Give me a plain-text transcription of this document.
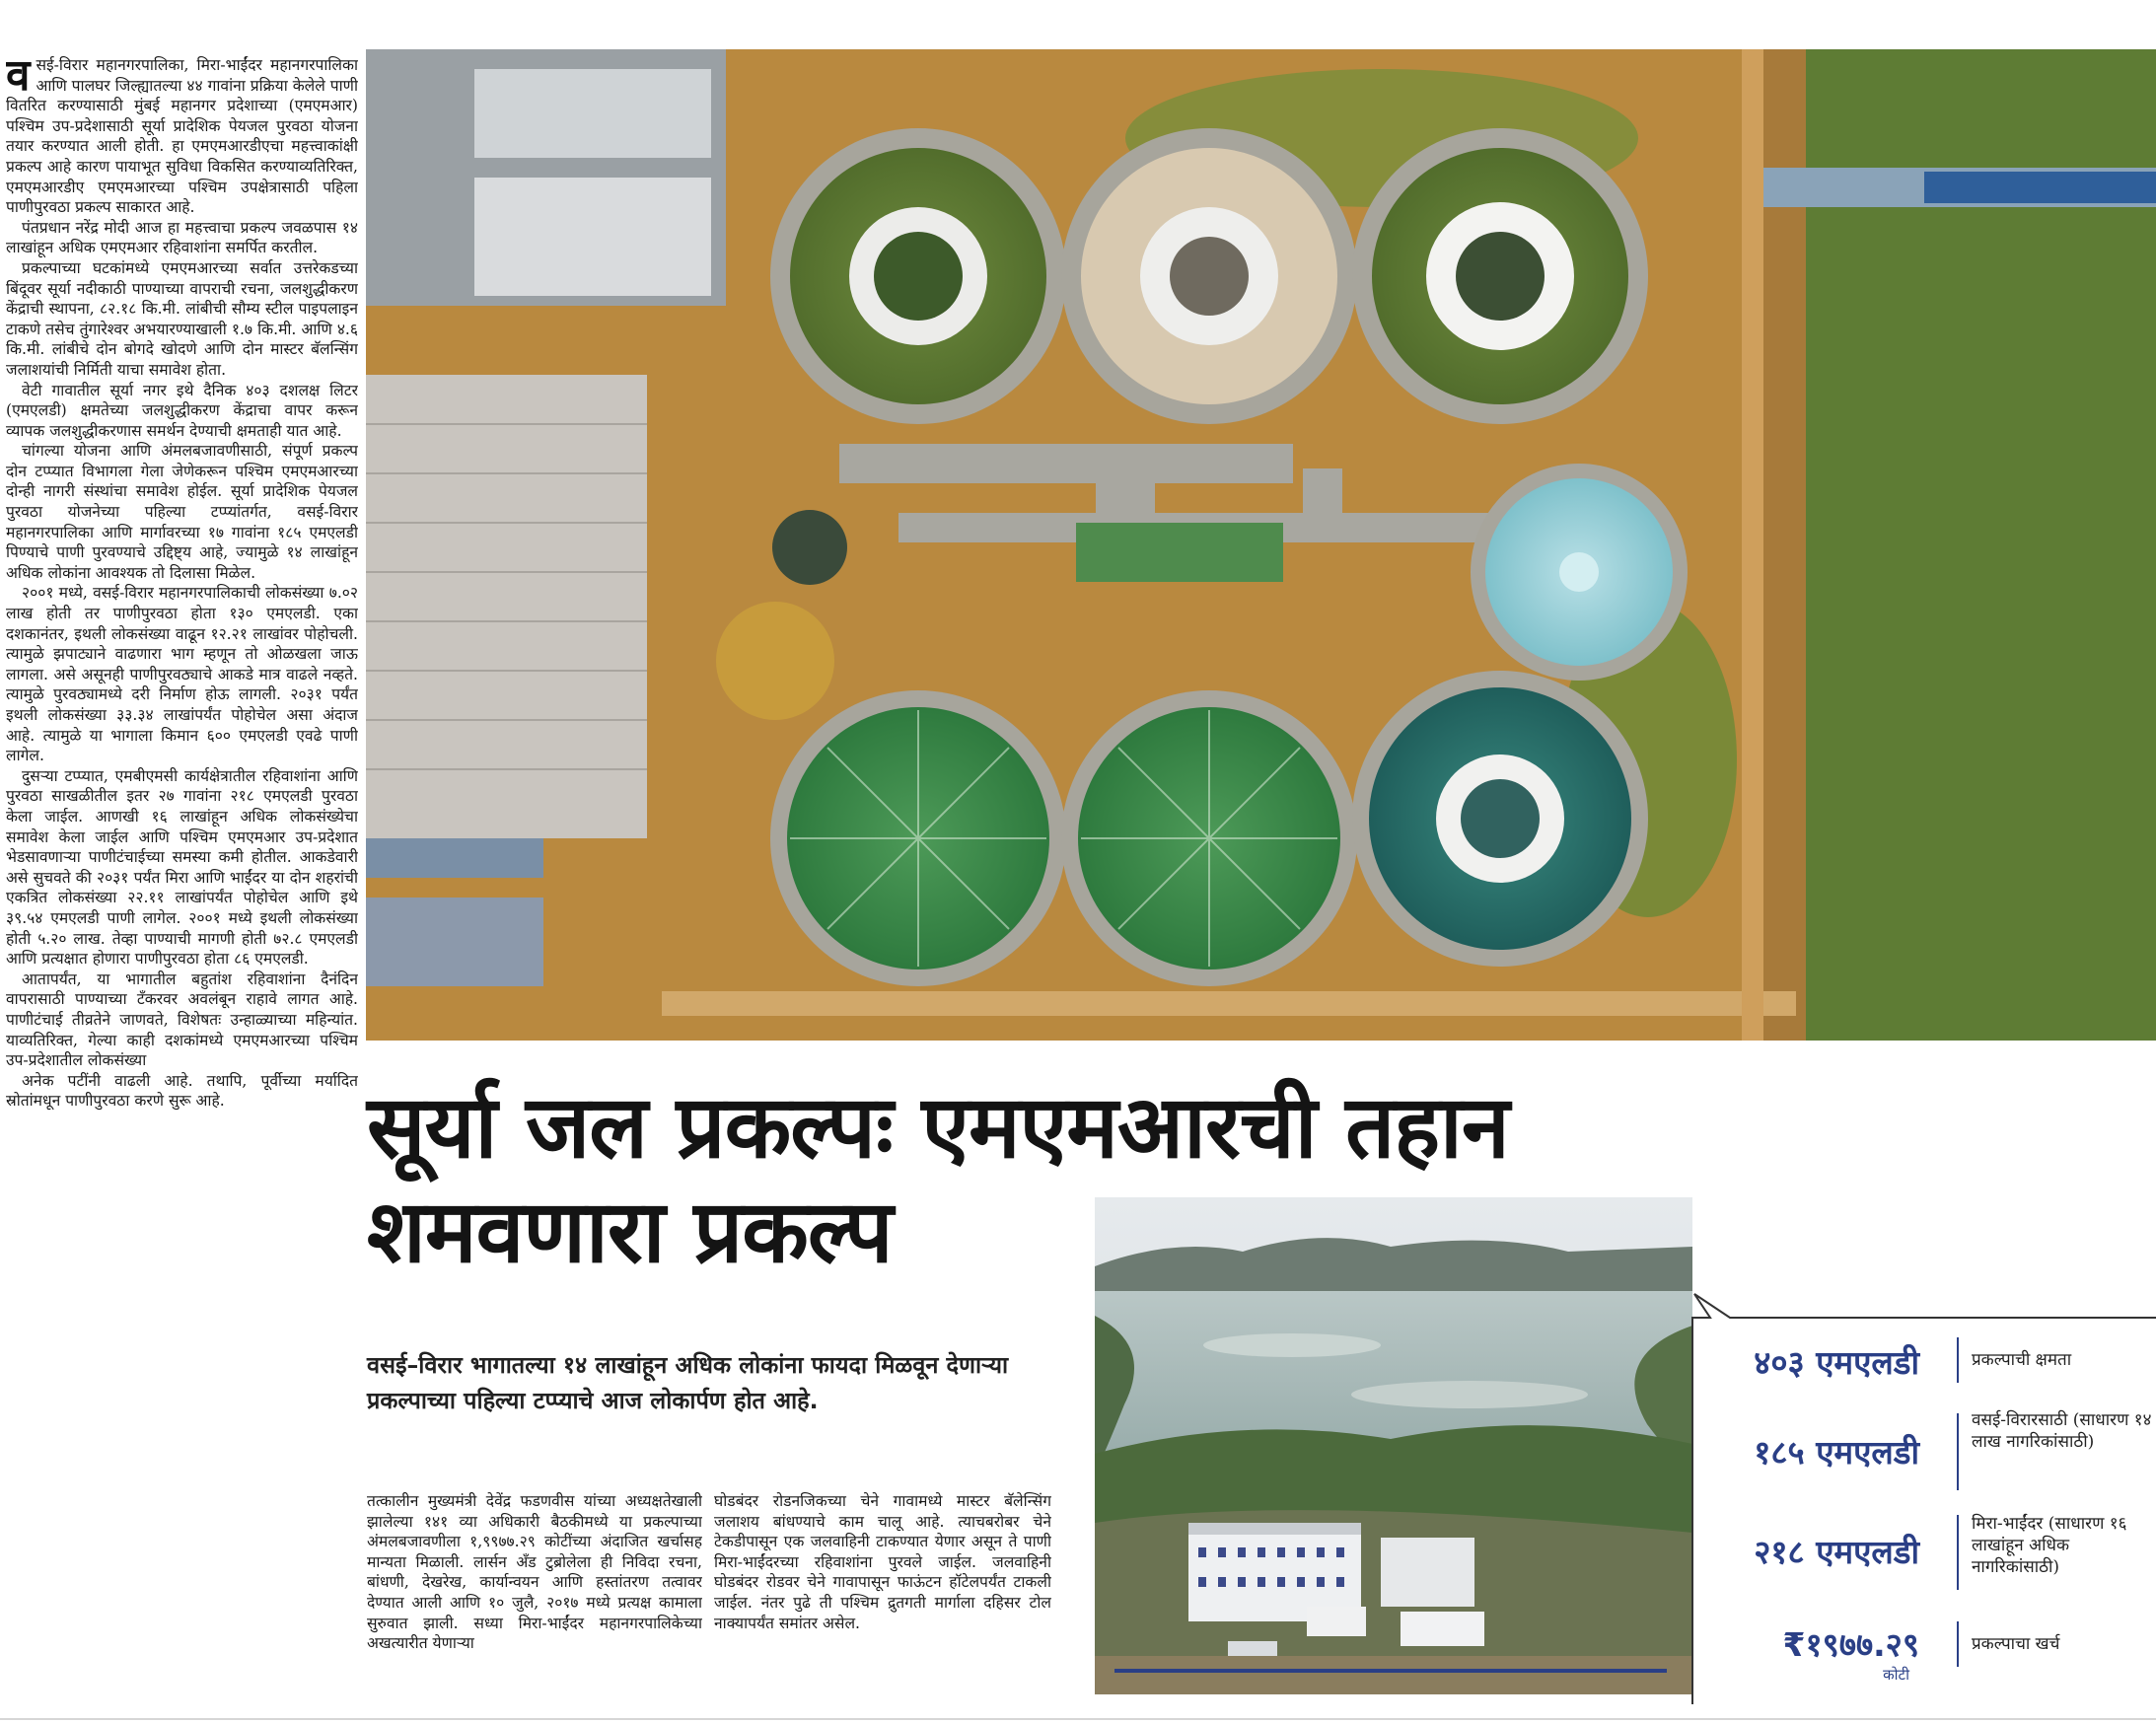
वसई-विरार महानगरपालिका, मिरा-भाईंदर महानगरपालिका आणि पालघर जिल्ह्यातल्या ४४ गावांना प्रक्रिया केलेले पाणी वितरित करण्यासाठी मुंबई महानगर प्रदेशाच्या (एमएमआर) पश्चिम उप-प्रदेशासाठी सूर्या प्रादेशिक पेयजल पुरवठा योजना तयार करण्यात आली होती. हा एमएमआरडीएचा महत्त्वाकांक्षी प्रकल्प आहे कारण पायाभूत सुविधा विकसित करण्याव्यतिरिक्त, एमएमआरडीए एमएमआरच्या पश्चिम उपक्षेत्रासाठी पहिला पाणीपुरवठा प्रकल्प साकारत आहे.

पंतप्रधान नरेंद्र मोदी आज हा महत्त्वाचा प्रकल्प जवळपास १४ लाखांहून अधिक एमएमआर रहिवाशांना समर्पित करतील.

प्रकल्पाच्या घटकांमध्ये एमएमआरच्या सर्वात उत्तरेकडच्या बिंदूवर सूर्या नदीकाठी पाण्याच्या वापराची रचना, जलशुद्धीकरण केंद्राची स्थापना, ८२.१८ कि.मी. लांबीची सौम्य स्टील पाइपलाइन टाकणे तसेच तुंगारेश्वर अभयारण्याखाली १.७ कि.मी. आणि ४.६ कि.मी. लांबीचे दोन बोगदे खोदणे आणि दोन मास्टर बॅलन्सिंग जलाशयांची निर्मिती याचा समावेश होता.

वेटी गावातील सूर्या नगर इथे दैनिक ४०३ दशलक्ष लिटर (एमएलडी) क्षमतेच्या जलशुद्धीकरण केंद्राचा वापर करून व्यापक जलशुद्धीकरणास समर्थन देण्याची क्षमताही यात आहे.

चांगल्या योजना आणि अंमलबजावणीसाठी, संपूर्ण प्रकल्प दोन टप्प्यात विभागला गेला जेणेकरून पश्चिम एमएमआरच्या दोन्ही नागरी संस्थांचा समावेश होईल. सूर्या प्रादेशिक पेयजल पुरवठा योजनेच्या पहिल्या टप्प्यांतर्गत, वसई-विरार महानगरपालिका आणि मार्गावरच्या १७ गावांना १८५ एमएलडी पिण्याचे पाणी पुरवण्याचे उद्दिष्ट्य आहे, ज्यामुळे १४ लाखांहून अधिक लोकांना आवश्यक तो दिलासा मिळेल.

२००१ मध्ये, वसई-विरार महानगरपालिकाची लोकसंख्या ७.०२ लाख होती तर पाणीपुरवठा होता १३० एमएलडी. एका दशकानंतर, इथली लोकसंख्या वाढून १२.२१ लाखांवर पोहोचली. त्यामुळे झपाट्याने वाढणारा भाग म्हणून तो ओळखला जाऊ लागला. असे असूनही पाणीपुरवठ्याचे आकडे मात्र वाढले नव्हते. त्यामुळे पुरवठ्यामध्ये दरी निर्माण होऊ लागली. २०३१ पर्यंत इथली लोकसंख्या ३३.३४ लाखांपर्यंत पोहोचेल असा अंदाज आहे. त्यामुळे या भागाला किमान ६०० एमएलडी एवढे पाणी लागेल.

दुसऱ्या टप्प्यात, एमबीएमसी कार्यक्षेत्रातील रहिवाशांना आणि पुरवठा साखळीतील इतर २७ गावांना २१८ एमएलडी पुरवठा केला जाईल. आणखी १६ लाखांहून अधिक लोकसंख्येचा समावेश केला जाईल आणि पश्चिम एमएमआर उप-प्रदेशात भेडसावणाऱ्या पाणीटंचाईच्या समस्या कमी होतील. आकडेवारी असे सुचवते की २०३१ पर्यंत मिरा आणि भाईंदर या दोन शहरांची एकत्रित लोकसंख्या २२.११ लाखांपर्यंत पोहोचेल आणि इथे ३९.५४ एमएलडी पाणी लागेल. २००१ मध्ये इथली लोकसंख्या होती ५.२० लाख. तेव्हा पाण्याची मागणी होती ७२.८ एमएलडी आणि प्रत्यक्षात होणारा पाणीपुरवठा होता ८६ एमएलडी.

आतापर्यंत, या भागातील बहुतांश रहिवाशांना दैनंदिन वापरासाठी पाण्याच्या टँकरवर अवलंबून राहावे लागत आहे. पाणीटंचाई तीव्रतेने जाणवते, विशेषतः उन्हाळ्याच्या महिन्यांत. याव्यतिरिक्त, गेल्या काही दशकांमध्ये एमएमआरच्या पश्चिम उप-प्रदेशातील लोकसंख्या

अनेक पटींनी वाढली आहे. तथापि, पूर्वीच्या मर्यादित स्रोतांमधून पाणीपुरवठा करणे सुरू आहे.	सूर्या जल प्रकल्पः एमएमआरची तहान
शमवणारा प्रकल्प

वसई–विरार भागातल्या १४ लाखांहून अधिक लोकांना फायदा मिळवून देणाऱ्या प्रकल्पाच्या पहिल्या टप्प्याचे आज लोकार्पण होत आहे.

तत्कालीन मुख्यमंत्री देवेंद्र फडणवीस यांच्या अध्यक्षतेखाली झालेल्या १४१ व्या अधिकारी बैठकीमध्ये या प्रकल्पाच्या अंमलबजावणीला १,९९७७.२९ कोटींच्या अंदाजित खर्चासह मान्यता मिळाली. लार्सन अँड टुब्रोलेला ही निविदा रचना, बांधणी, देखरेख, कार्यान्वयन आणि हस्तांतरण तत्वावर देण्यात आली आणि १० जुलै, २०१७ मध्ये प्रत्यक्ष कामाला सुरुवात झाली. सध्या मिरा-भाईंदर महानगरपालिकेच्या अखत्यारीत येणाऱ्या

घोडबंदर रोडनजिकच्या चेने गावामध्ये मास्टर बॅलेन्सिंग जलाशय बांधण्याचे काम चालू आहे. त्याचबरोबर चेने टेकडीपासून एक जलवाहिनी टाकण्यात येणार असून ते पाणी मिरा-भाईंदरच्या रहिवाशांना पुरवले जाईल. जलवाहिनी घोडबंदर रोडवर चेने गावापासून फाऊंटन हॉटेलपर्यंत टाकली जाईल. नंतर पुढे ती पश्चिम द्रुतगती मार्गाला दहिसर टोल नाक्यापर्यंत समांतर असेल.

४०३ एमएलडी	प्रकल्पाची क्षमता
१८५ एमएलडी
वसई-विरारसाठी (साधारण १४ लाख नागरिकांसाठी)
२१८ एमएलडी
मिरा-भाईंदर (साधारण १६ लाखांहून अधिक नागरिकांसाठी)
₹१९७७.२९
कोटी
प्रकल्पाचा खर्च
